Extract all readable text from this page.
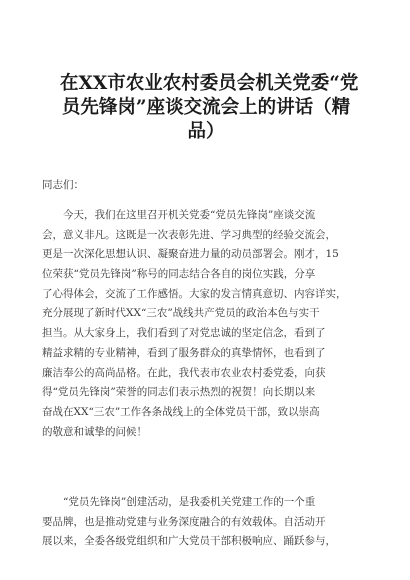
在XX市农业农村委员会机关党委“党
员先锋岗”座谈交流会上的讲话（精
品）

同志们：

　　今天，我们在这里召开机关党委“党员先锋岗”座谈交流
会，意义非凡。这既是一次表彰先进、学习典型的经验交流会，
更是一次深化思想认识、凝聚奋进力量的动员部署会。刚才，15
位荣获“党员先锋岗”称号的同志结合各自的岗位实践，分享
了心得体会，交流了工作感悟。大家的发言情真意切、内容详实，
充分展现了新时代XX“三农”战线共产党员的政治本色与实干
担当。从大家身上，我们看到了对党忠诚的坚定信念，看到了
精益求精的专业精神，看到了服务群众的真挚情怀，也看到了
廉洁奉公的高尚品格。在此，我代表市农业农村委党委，向获
得“党员先锋岗”荣誉的同志们表示热烈的祝贺！向长期以来
奋战在XX“三农”工作各条战线上的全体党员干部，致以崇高
的敬意和诚挚的问候！
　　“党员先锋岗”创建活动，是我委机关党建工作的一个重
要品牌，也是推动党建与业务深度融合的有效载体。自活动开
展以来，全委各级党组织和广大党员干部积极响应、踊跃参与，
